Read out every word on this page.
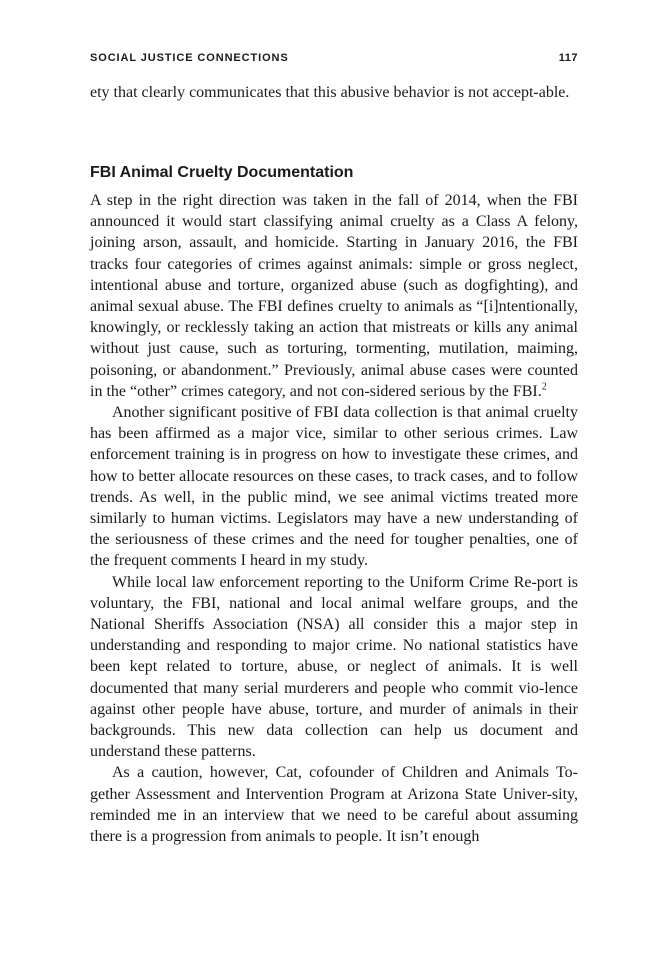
SOCIAL JUSTICE CONNECTIONS	117

ety that clearly communicates that this abusive behavior is not accept-able.

FBI Animal Cruelty Documentation

A step in the right direction was taken in the fall of 2014, when the FBI announced it would start classifying animal cruelty as a Class A felony, joining arson, assault, and homicide. Starting in January 2016, the FBI tracks four categories of crimes against animals: simple or gross neglect, intentional abuse and torture, organized abuse (such as dogfighting), and animal sexual abuse. The FBI defines cruelty to animals as “[i]ntentionally, knowingly, or recklessly taking an action that mistreats or kills any animal without just cause, such as torturing, tormenting, mutilation, maiming, poisoning, or abandonment.” Previously, animal abuse cases were counted in the “other” crimes category, and not con-sidered serious by the FBI.$^2$

Another significant positive of FBI data collection is that animal cruelty has been affirmed as a major vice, similar to other serious crimes. Law enforcement training is in progress on how to investigate these crimes, and how to better allocate resources on these cases, to track cases, and to follow trends. As well, in the public mind, we see animal victims treated more similarly to human victims. Legislators may have a new understanding of the seriousness of these crimes and the need for tougher penalties, one of the frequent comments I heard in my study.

While local law enforcement reporting to the Uniform Crime Re-port is voluntary, the FBI, national and local animal welfare groups, and the National Sheriffs Association (NSA) all consider this a major step in understanding and responding to major crime. No national statistics have been kept related to torture, abuse, or neglect of animals. It is well documented that many serial murderers and people who commit vio-lence against other people have abuse, torture, and murder of animals in their backgrounds. This new data collection can help us document and understand these patterns.

As a caution, however, Cat, cofounder of Children and Animals To-gether Assessment and Intervention Program at Arizona State Univer-sity, reminded me in an interview that we need to be careful about assuming there is a progression from animals to people. It isn’t enough
